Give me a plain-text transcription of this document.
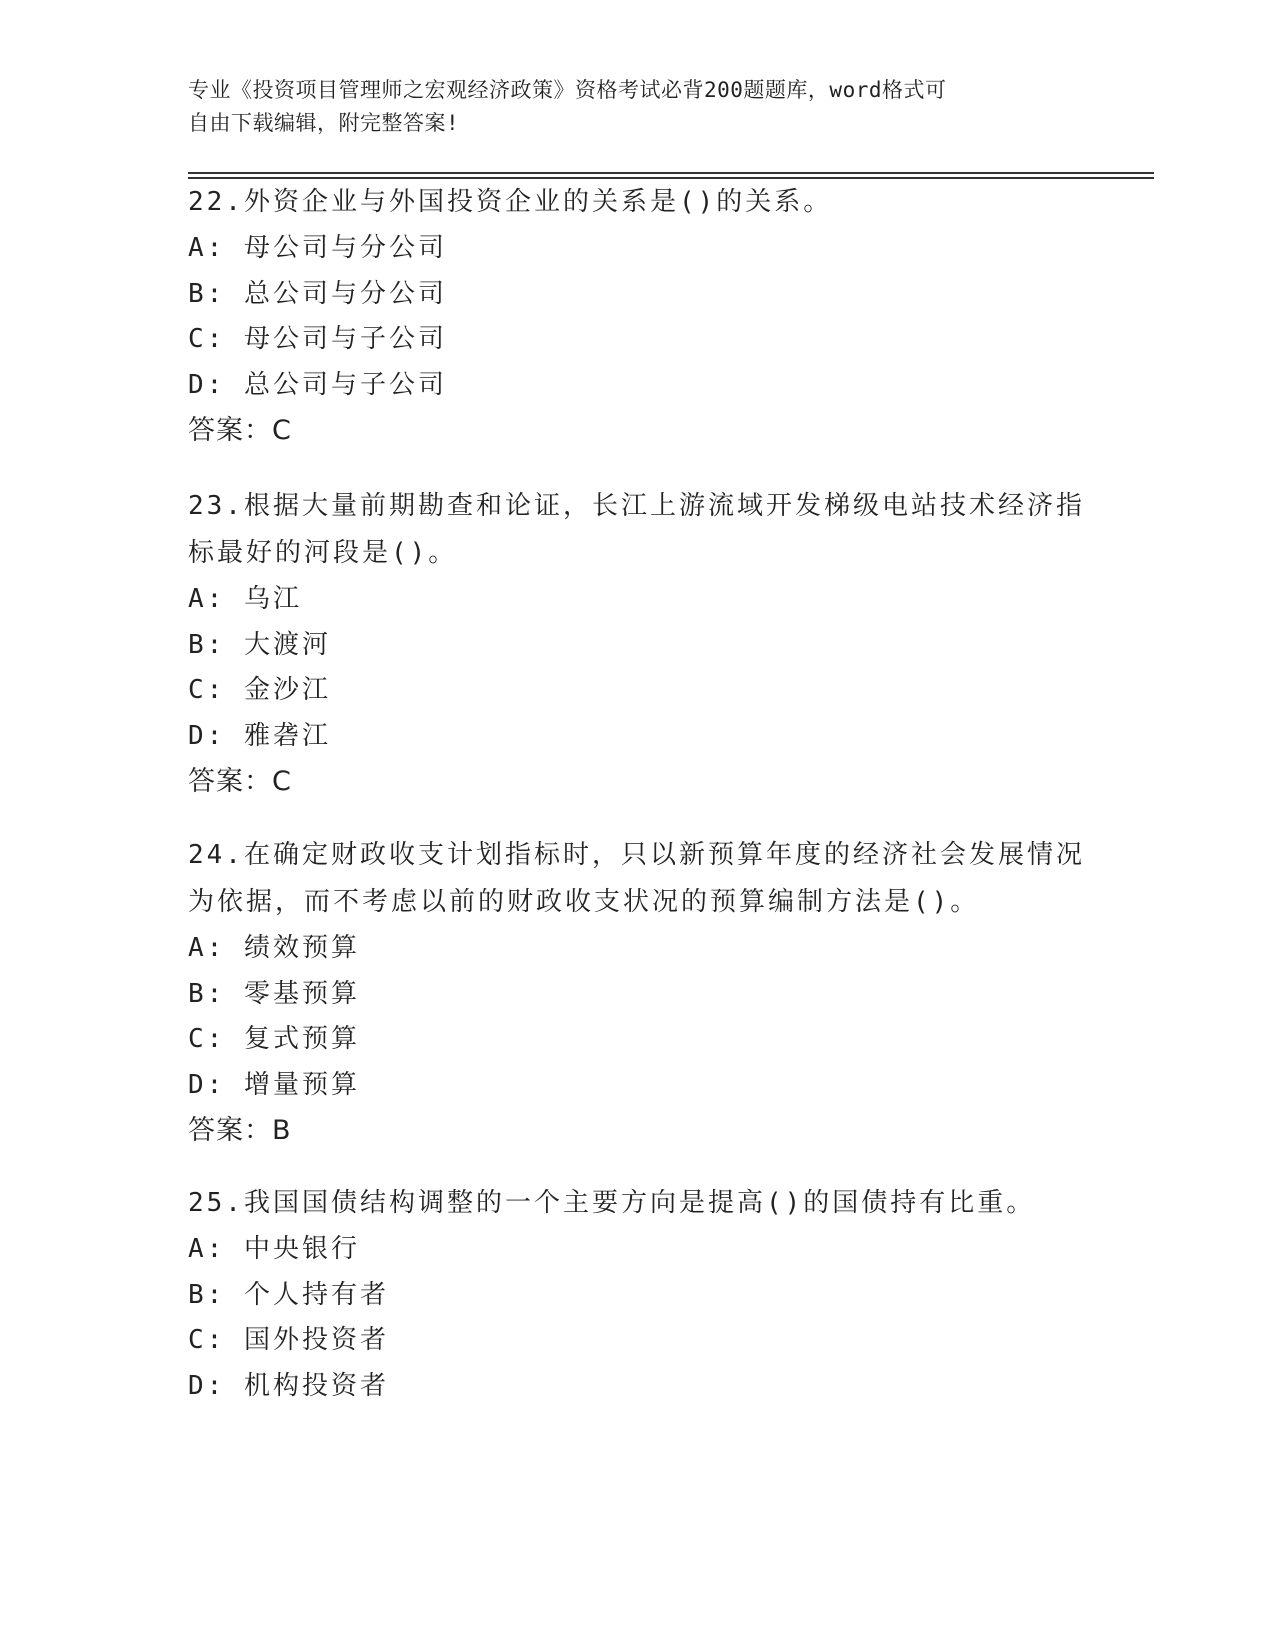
专业《投资项目管理师之宏观经济政策》资格考试必背200题题库，word格式可
自由下载编辑，附完整答案!

22.外资企业与外国投资企业的关系是()的关系。

A: 母公司与分公司

B: 总公司与分公司

C: 母公司与子公司

D: 总公司与子公司

答案：C

23.根据大量前期勘查和论证，长江上游流域开发梯级电站技术经济指

标最好的河段是()。

A: 乌江

B: 大渡河

C: 金沙江

D: 雅砻江

答案：C

24.在确定财政收支计划指标时，只以新预算年度的经济社会发展情况

为依据，而不考虑以前的财政收支状况的预算编制方法是()。

A: 绩效预算

B: 零基预算

C: 复式预算

D: 增量预算

答案：B

25.我国国债结构调整的一个主要方向是提高()的国债持有比重。

A: 中央银行

B: 个人持有者

C: 国外投资者

D: 机构投资者
